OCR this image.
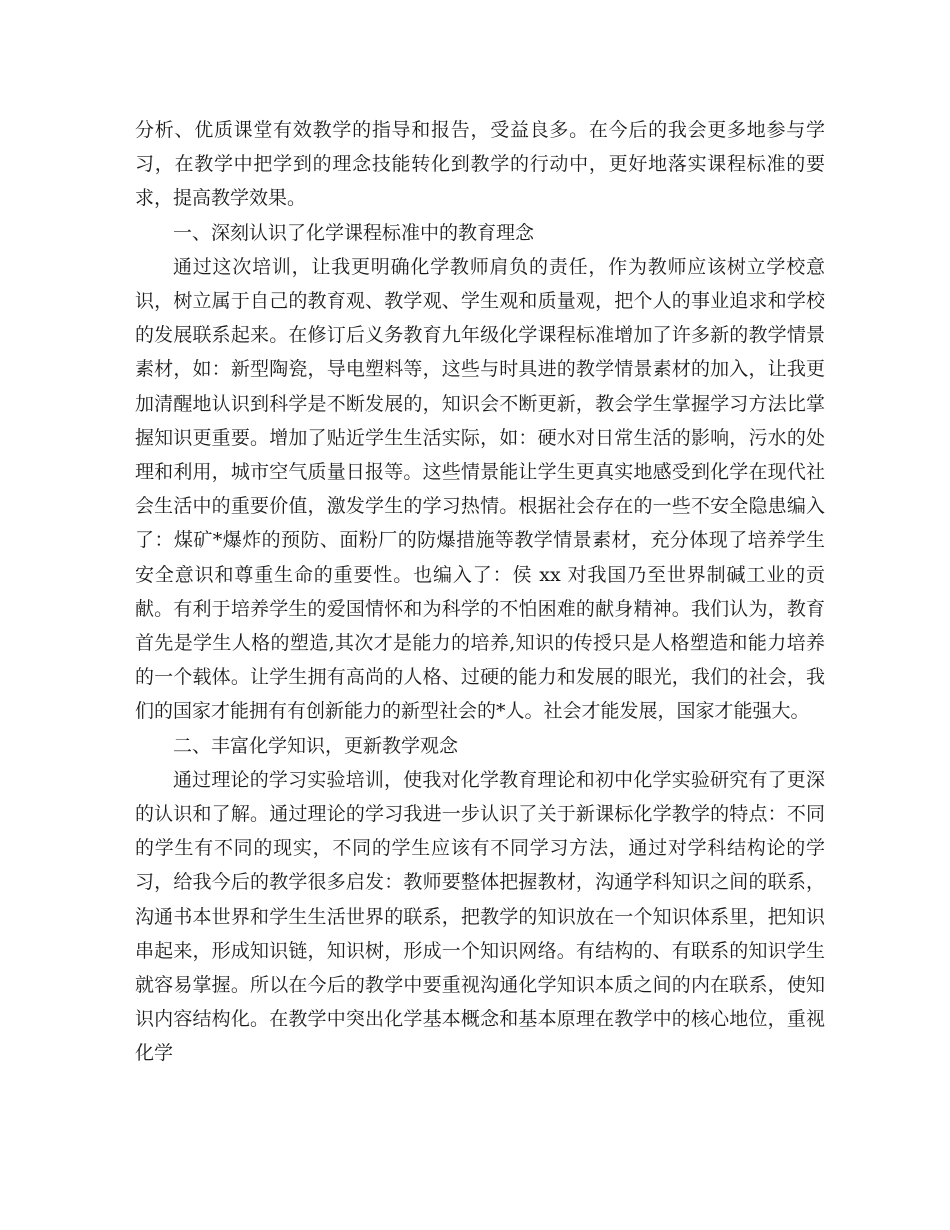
分析、优质课堂有效教学的指导和报告，受益良多。在今后的我会更多地参与学习，在教学中把学到的理念技能转化到教学的行动中，更好地落实课程标准的要求，提高教学效果。

一、深刻认识了化学课程标准中的教育理念

通过这次培训，让我更明确化学教师肩负的责任，作为教师应该树立学校意识，树立属于自己的教育观、教学观、学生观和质量观，把个人的事业追求和学校的发展联系起来。在修订后义务教育九年级化学课程标准增加了许多新的教学情景素材，如：新型陶瓷，导电塑料等，这些与时具进的教学情景素材的加入，让我更加清醒地认识到科学是不断发展的，知识会不断更新，教会学生掌握学习方法比掌握知识更重要。增加了贴近学生生活实际，如：硬水对日常生活的影响，污水的处理和利用，城市空气质量日报等。这些情景能让学生更真实地感受到化学在现代社会生活中的重要价值，激发学生的学习热情。根据社会存在的一些不安全隐患编入了：煤矿*爆炸的预防、面粉厂的防爆措施等教学情景素材，充分体现了培养学生安全意识和尊重生命的重要性。也编入了：侯 xx 对我国乃至世界制碱工业的贡献。有利于培养学生的爱国情怀和为科学的不怕困难的献身精神。我们认为，教育首先是学生人格的塑造,其次才是能力的培养,知识的传授只是人格塑造和能力培养的一个载体。让学生拥有高尚的人格、过硬的能力和发展的眼光，我们的社会，我们的国家才能拥有有创新能力的新型社会的*人。社会才能发展，国家才能强大。

二、丰富化学知识，更新教学观念

通过理论的学习实验培训，使我对化学教育理论和初中化学实验研究有了更深的认识和了解。通过理论的学习我进一步认识了关于新课标化学教学的特点：不同的学生有不同的现实，不同的学生应该有不同学习方法，通过对学科结构论的学习，给我今后的教学很多启发：教师要整体把握教材，沟通学科知识之间的联系，沟通书本世界和学生生活世界的联系，把教学的知识放在一个知识体系里，把知识串起来，形成知识链，知识树，形成一个知识网络。有结构的、有联系的知识学生就容易掌握。所以在今后的教学中要重视沟通化学知识本质之间的内在联系，使知识内容结构化。在教学中突出化学基本概念和基本原理在教学中的核心地位，重视化学
